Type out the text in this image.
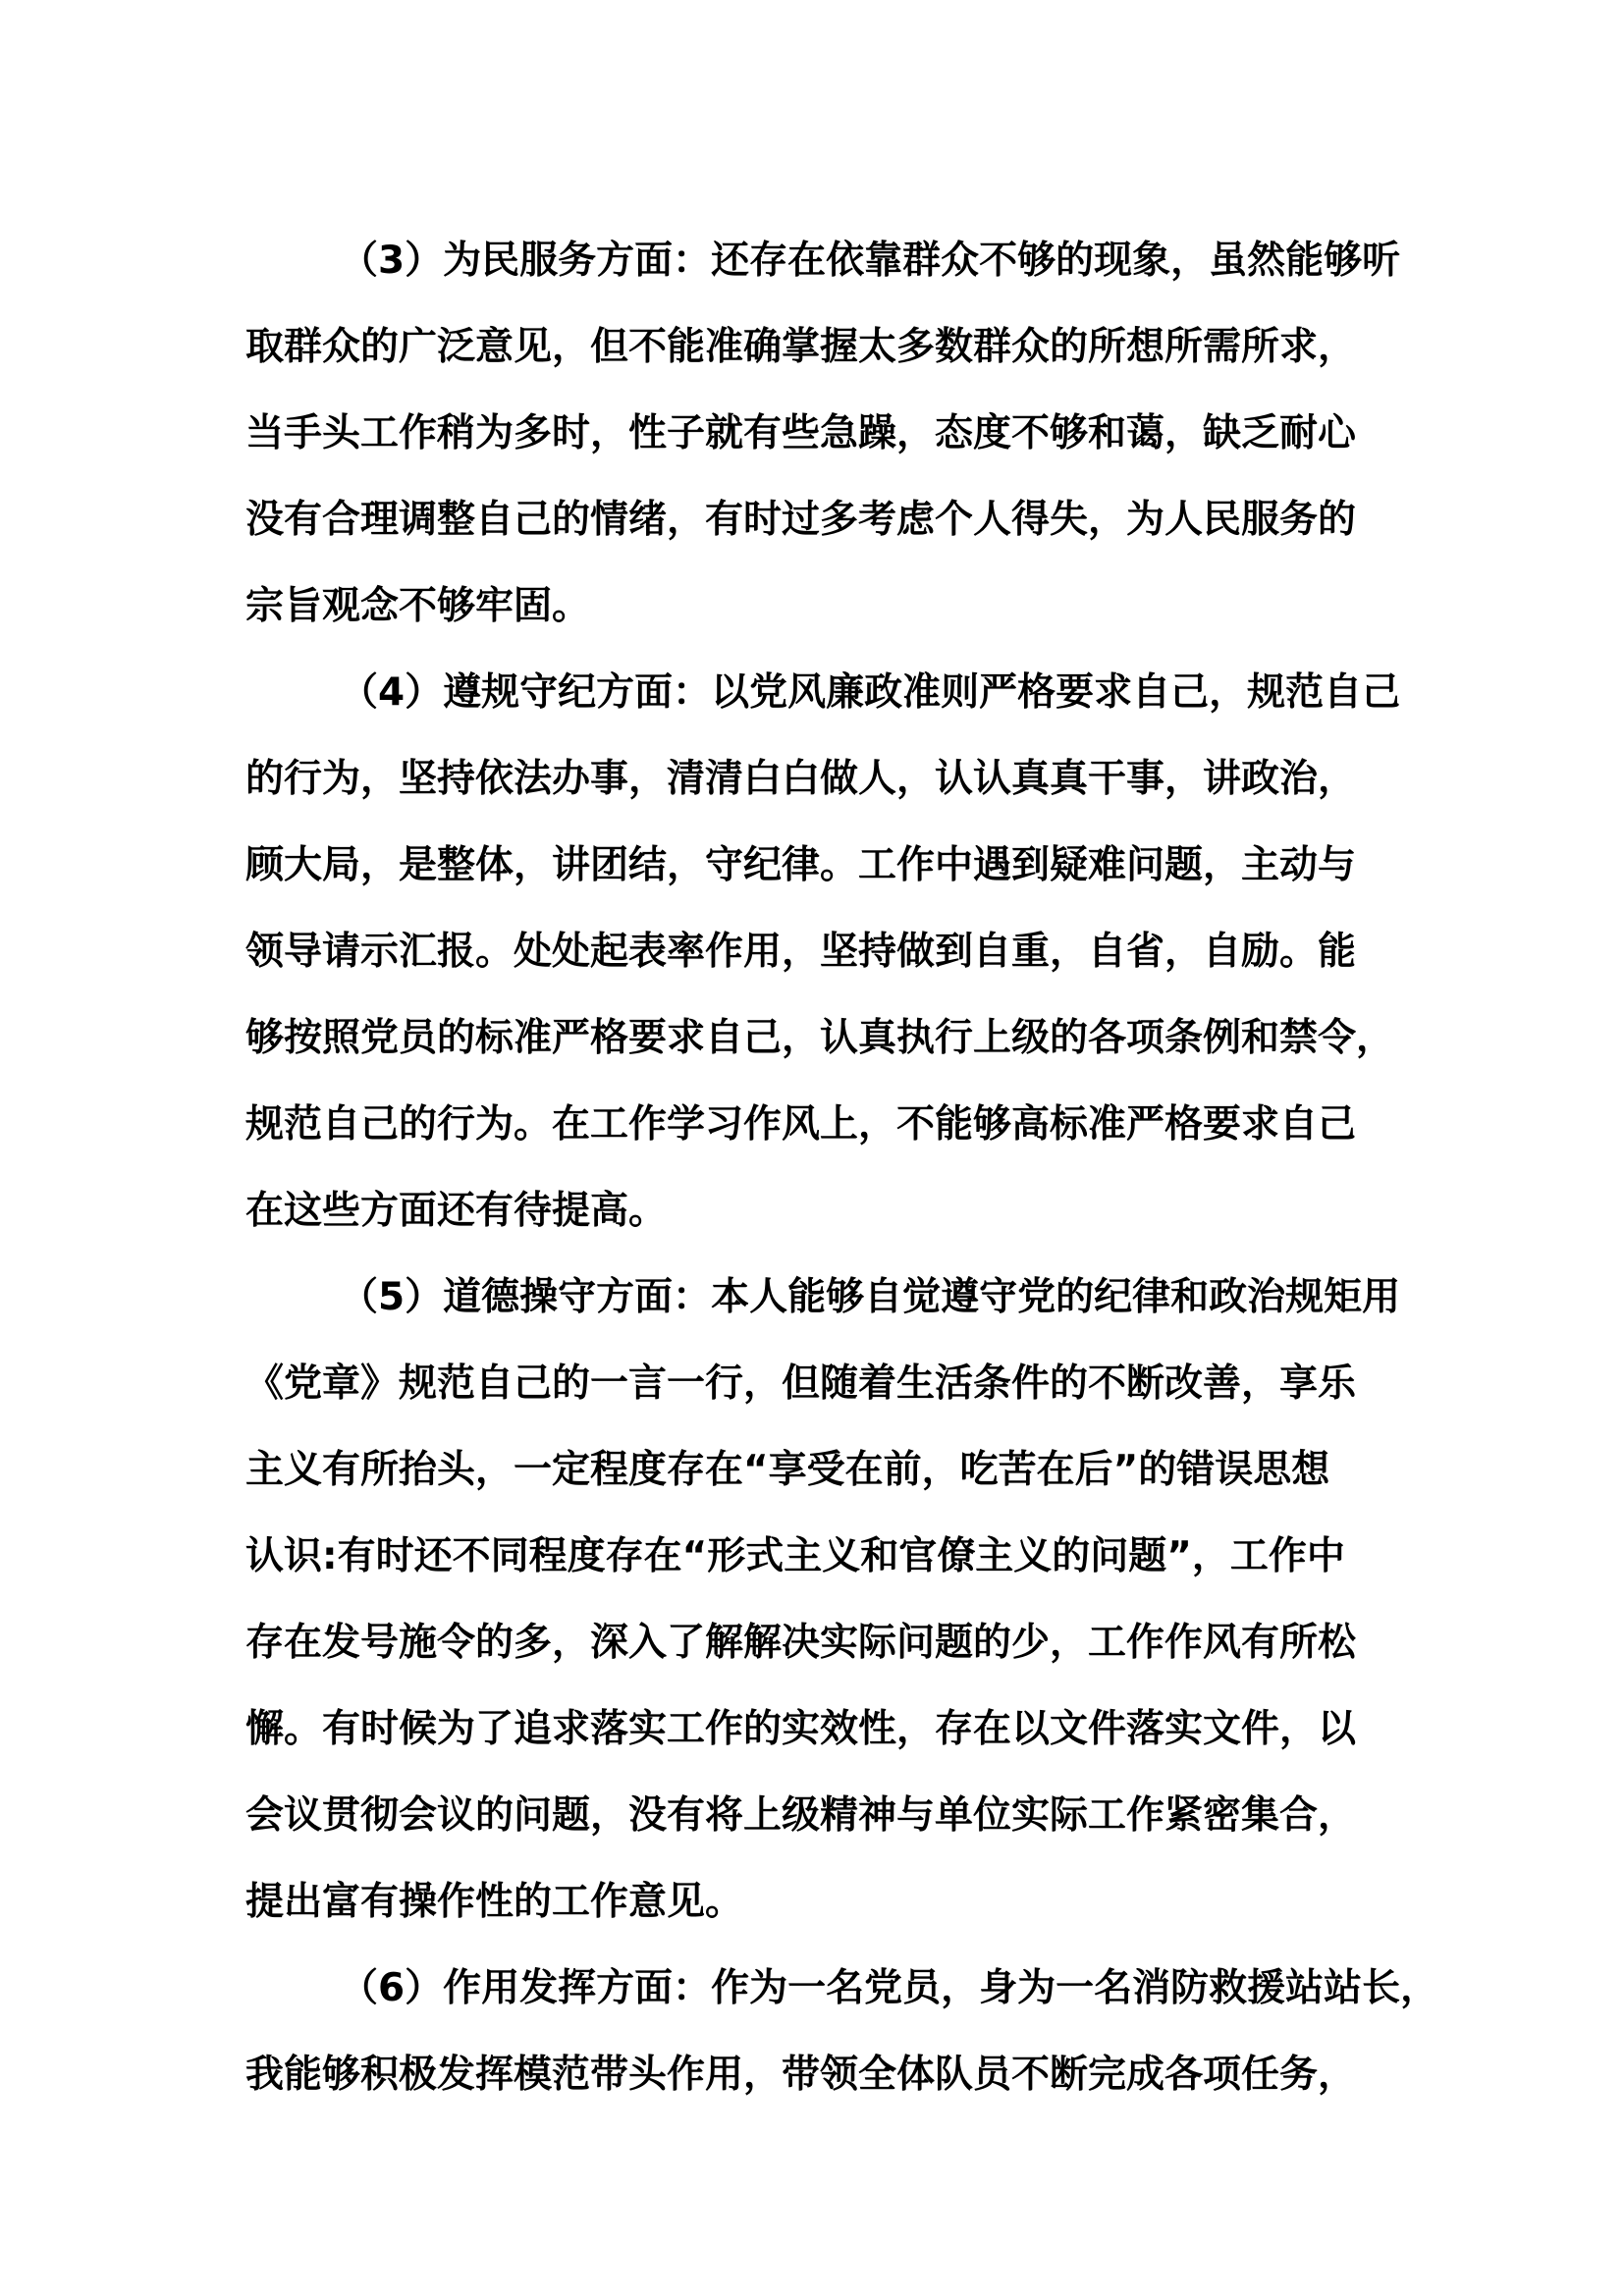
（3）为民服务方面：还存在依靠群众不够的现象，虽然能够听
取群众的广泛意见，但不能准确掌握太多数群众的所想所需所求，
当手头工作稍为多时，性子就有些急躁，态度不够和蔼，缺乏耐心
没有合理调整自己的情绪，有时过多考虑个人得失，为人民服务的
宗旨观念不够牢固。

（4）遵规守纪方面：以党风廉政准则严格要求自己，规范自己
的行为，坚持依法办事，清清白白做人，认认真真干事，讲政治，
顾大局，是整体，讲团结，守纪律。工作中遇到疑难问题，主动与
领导请示汇报。处处起表率作用，坚持做到自重，自省，自励。能
够按照党员的标准严格要求自己，认真执行上级的各项条例和禁令，
规范自己的行为。在工作学习作风上，不能够高标准严格要求自己
在这些方面还有待提高。

（5）道德操守方面：本人能够自觉遵守党的纪律和政治规矩用
《党章》规范自己的一言一行，但随着生活条件的不断改善，享乐
主义有所抬头，一定程度存在“享受在前，吃苦在后”的错误思想
认识:有时还不同程度存在“形式主义和官僚主义的问题”，工作中
存在发号施令的多，深入了解解决实际问题的少，工作作风有所松
懈。有时候为了追求落实工作的实效性，存在以文件落实文件，以
会议贯彻会议的问题，没有将上级精神与单位实际工作紧密集合，
提出富有操作性的工作意见。

（6）作用发挥方面：作为一名党员，身为一名消防救援站站长，
我能够积极发挥模范带头作用，带领全体队员不断完成各项任务，
